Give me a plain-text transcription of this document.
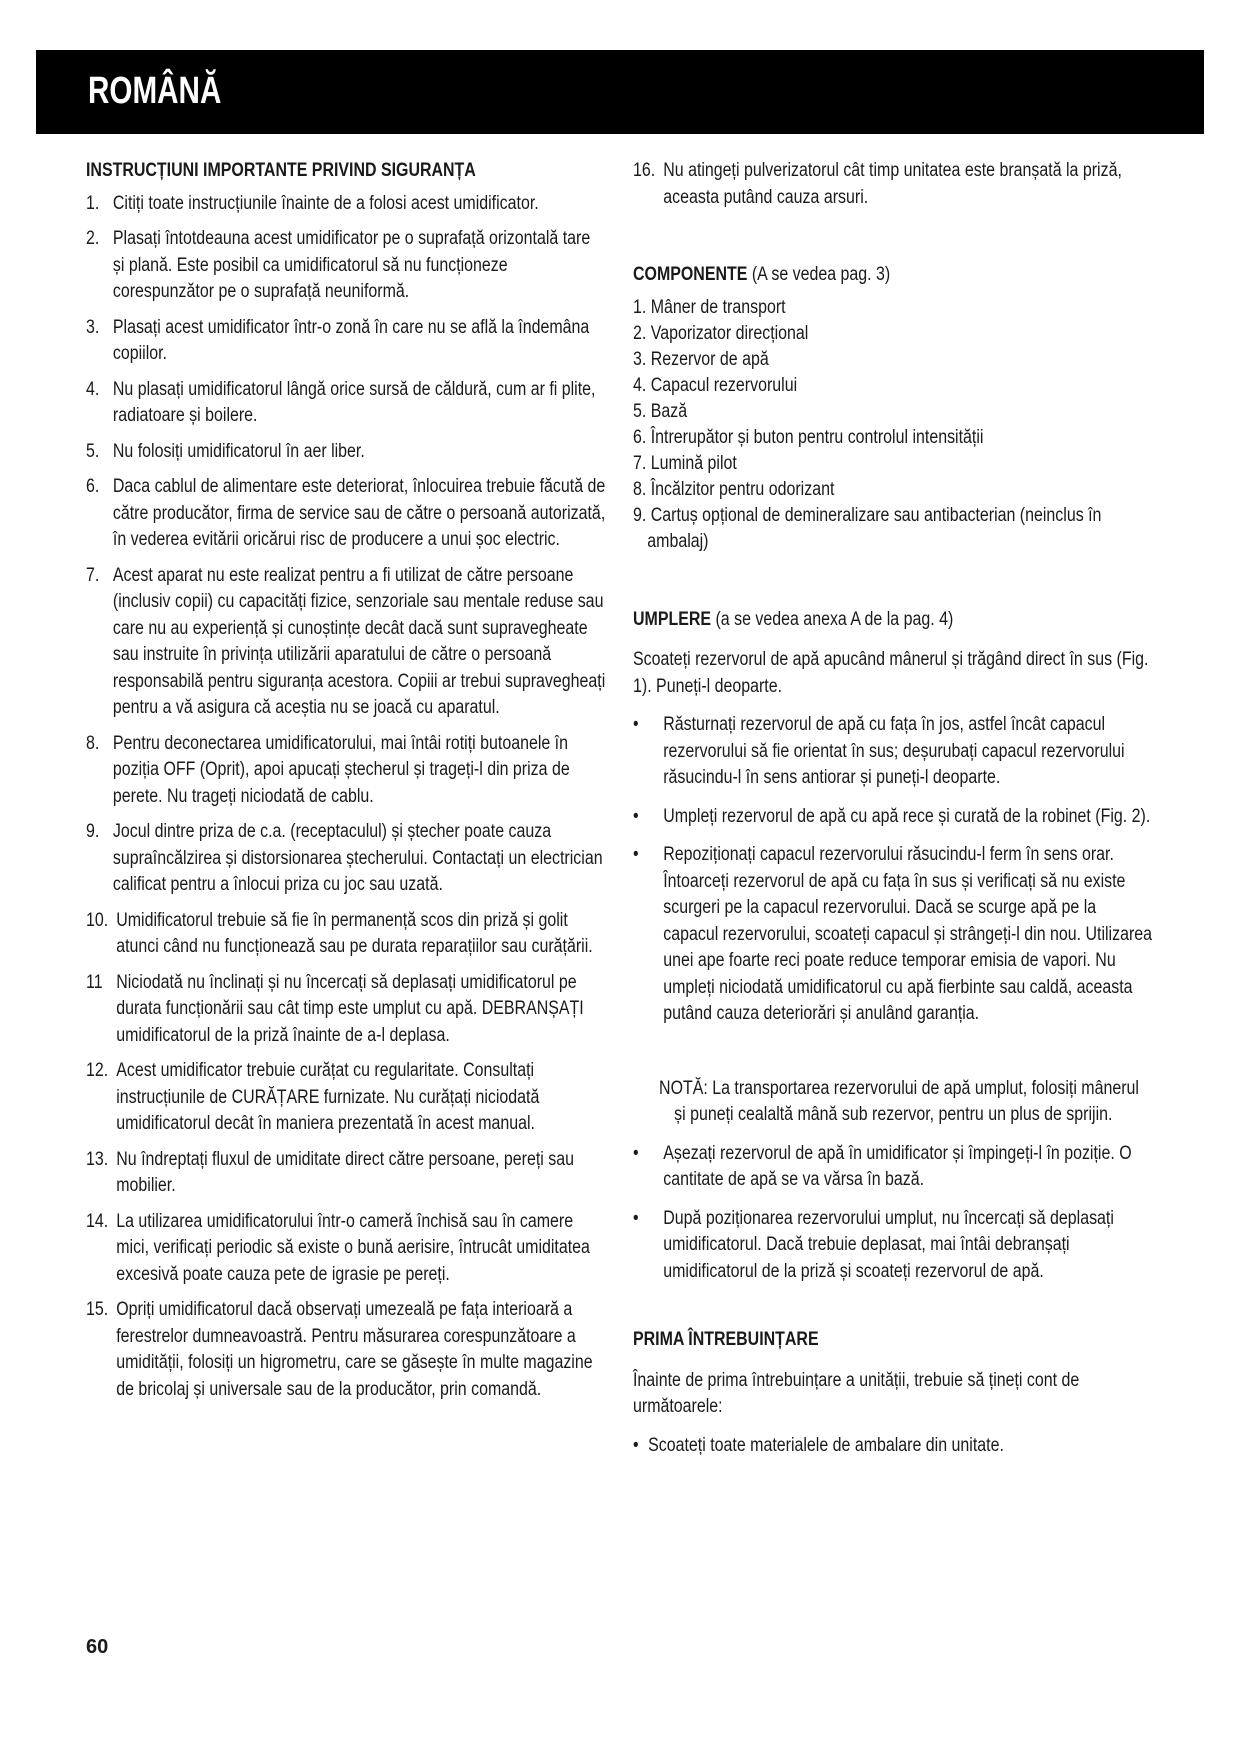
ROMÂNĂ
INSTRUCȚIUNI IMPORTANTE PRIVIND SIGURANȚA
1. Citiți toate instrucțiunile înainte de a folosi acest umidificator.
2. Plasați întotdeauna acest umidificator pe o suprafață orizontală tare și plană. Este posibil ca umidificatorul să nu funcționeze corespunzător pe o suprafață neuniformă.
3. Plasați acest umidificator într-o zonă în care nu se află la îndemâna copiilor.
4. Nu plasați umidificatorul lângă orice sursă de căldură, cum ar fi plite, radiatoare și boilere.
5. Nu folosiți umidificatorul în aer liber.
6. Daca cablul de alimentare este deteriorat, înlocuirea trebuie făcută de către producător, firma de service sau de către o persoană autorizată, în vederea evitării oricărui risc de producere a unui șoc electric.
7. Acest aparat nu este realizat pentru a fi utilizat de către persoane (inclusiv copii) cu capacități fizice, senzoriale sau mentale reduse sau care nu au experiență și cunoștințe decât dacă sunt supravegheate sau instruite în privința utilizării aparatului de către o persoană responsabilă pentru siguranța acestora. Copiii ar trebui supravegheați pentru a vă asigura că aceștia nu se joacă cu aparatul.
8. Pentru deconectarea umidificatorului, mai întâi rotiți butoanele în poziția OFF (Oprit), apoi apucați ștecherul și trageți-l din priza de perete. Nu trageți niciodată de cablu.
9. Jocul dintre priza de c.a. (receptaculul) și ștecher poate cauza supraîncălzirea și distorsionarea ștecherului. Contactați un electrician calificat pentru a înlocui priza cu joc sau uzată.
10. Umidificatorul trebuie să fie în permanență scos din priză și golit atunci când nu funcționează sau pe durata reparațiilor sau curățării.
11 Niciodată nu înclinați și nu încercați să deplasați umidificatorul pe durata funcționării sau cât timp este umplut cu apă. DEBRANȘAȚI umidificatorul de la priză înainte de a-l deplasa.
12. Acest umidificator trebuie curățat cu regularitate. Consultați instrucțiunile de CURĂȚARE furnizate. Nu curățați niciodată umidificatorul decât în maniera prezentată în acest manual.
13. Nu îndreptați fluxul de umiditate direct către persoane, pereți sau mobilier.
14. La utilizarea umidificatorului într-o cameră închisă sau în camere mici, verificați periodic să existe o bună aerisire, întrucât umiditatea excesivă poate cauza pete de igrasie pe pereți.
15. Opriți umidificatorul dacă observați umezeală pe fața interioară a ferestrelor dumneavoastră. Pentru măsurarea corespunzătoare a umidității, folosiți un higrometru, care se găsește în multe magazine de bricolaj și universale sau de la producător, prin comandă.
16. Nu atingeți pulverizatorul cât timp unitatea este branșată la priză, aceasta putând cauza arsuri.
COMPONENTE (A se vedea pag. 3)
1. Mâner de transport
2. Vaporizator direcțional
3. Rezervor de apă
4. Capacul rezervorului
5. Bază
6. Întrerupător și buton pentru controlul intensității
7. Lumină pilot
8. Încălzitor pentru odorizant
9. Cartuș opțional de demineralizare sau antibacterian (neinclus în ambalaj)
UMPLERE (a se vedea anexa A de la pag. 4)

Scoateți rezervorul de apă apucând mânerul și trăgând direct în sus (Fig. 1). Puneți-l deoparte.

• Răsturnați rezervorul de apă cu fața în jos, astfel încât capacul rezervorului să fie orientat în sus; deșurubați capacul rezervorului răsucindu-l în sens antiorar și puneți-l deoparte.
• Umpleți rezervorul de apă cu apă rece și curată de la robinet (Fig. 2).
• Repoziționați capacul rezervorului răsucindu-l ferm în sens orar. Întoarceți rezervorul de apă cu fața în sus și verificați să nu existe scurgeri pe la capacul rezervorului. Dacă se scurge apă pe la capacul rezervorului, scoateți capacul și strângeți-l din nou. Utilizarea unei ape foarte reci poate reduce temporar emisia de vapori. Nu umpleți niciodată umidificatorul cu apă fierbinte sau caldă, aceasta putând cauza deteriorări și anulând garanția.

NOTĂ: La transportarea rezervorului de apă umplut, folosiți mânerul și puneți cealaltă mână sub rezervor, pentru un plus de sprijin.

• Așezați rezervorul de apă în umidificator și împingeți-l în poziție. O cantitate de apă se va vărsa în bază.
• După poziționarea rezervorului umplut, nu încercați să deplasați umidificatorul. Dacă trebuie deplasat, mai întâi debranșați umidificatorul de la priză și scoateți rezervorul de apă.
PRIMA ÎNTREBUINȚARE

Înainte de prima întrebuințare a unității, trebuie să țineți cont de următoarele:

• Scoateți toate materialele de ambalare din unitate.
60
